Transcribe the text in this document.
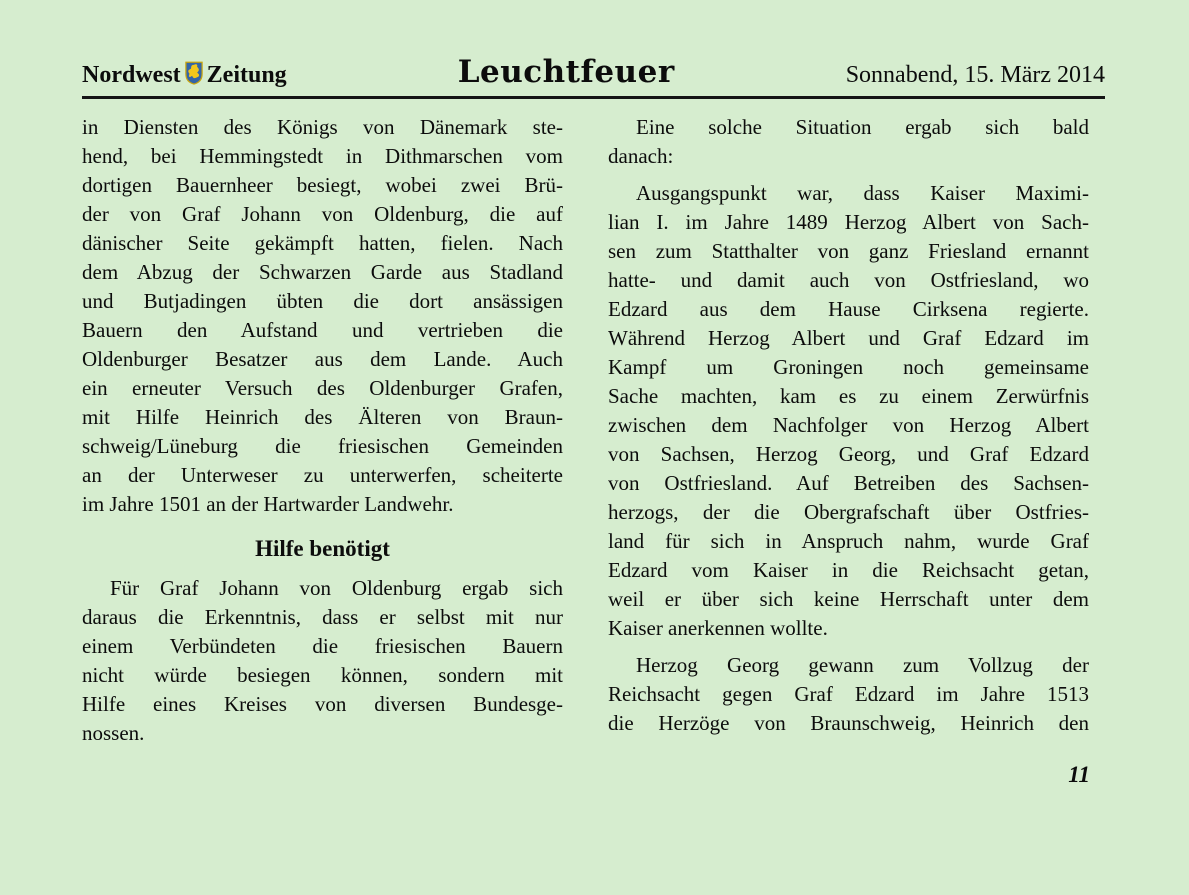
Nordwest Zeitung	Leuchtfeuer	Sonnabend, 15. März 2014
in Diensten des Königs von Dänemark ste-
hend, bei Hemmingstedt in Dithmarschen vom
dortigen Bauernheer besiegt, wobei zwei Brü-
der von Graf Johann von Oldenburg, die auf
dänischer Seite gekämpft hatten, fielen. Nach
dem Abzug der Schwarzen Garde aus Stadland
und Butjadingen übten die dort ansässigen
Bauern den Aufstand und vertrieben die
Oldenburger Besatzer aus dem Lande. Auch
ein erneuter Versuch des Oldenburger Grafen,
mit Hilfe Heinrich des Älteren von Braun-
schweig/Lüneburg die friesischen Gemeinden
an der Unterweser zu unterwerfen, scheiterte
im Jahre 1501 an der Hartwarder Landwehr.
Hilfe benötigt
Für Graf Johann von Oldenburg ergab sich
daraus die Erkenntnis, dass er selbst mit nur
einem Verbündeten die friesischen Bauern
nicht würde besiegen können, sondern mit
Hilfe eines Kreises von diversen Bundesge-
nossen.
Eine solche Situation ergab sich bald
danach:
Ausgangspunkt war, dass Kaiser Maximi-
lian I. im Jahre 1489 Herzog Albert von Sach-
sen zum Statthalter von ganz Friesland ernannt
hatte- und damit auch von Ostfriesland, wo
Edzard aus dem Hause Cirksena regierte.
Während Herzog Albert und Graf Edzard im
Kampf um Groningen noch gemeinsame
Sache machten, kam es zu einem Zerwürfnis
zwischen dem Nachfolger von Herzog Albert
von Sachsen, Herzog Georg, und Graf Edzard
von Ostfriesland. Auf Betreiben des Sachsen-
herzogs, der die Obergrafschaft über Ostfries-
land für sich in Anspruch nahm, wurde Graf
Edzard vom Kaiser in die Reichsacht getan,
weil er über sich keine Herrschaft unter dem
Kaiser anerkennen wollte.
Herzog Georg gewann zum Vollzug der
Reichsacht gegen Graf Edzard im Jahre 1513
die Herzöge von Braunschweig, Heinrich den
11
